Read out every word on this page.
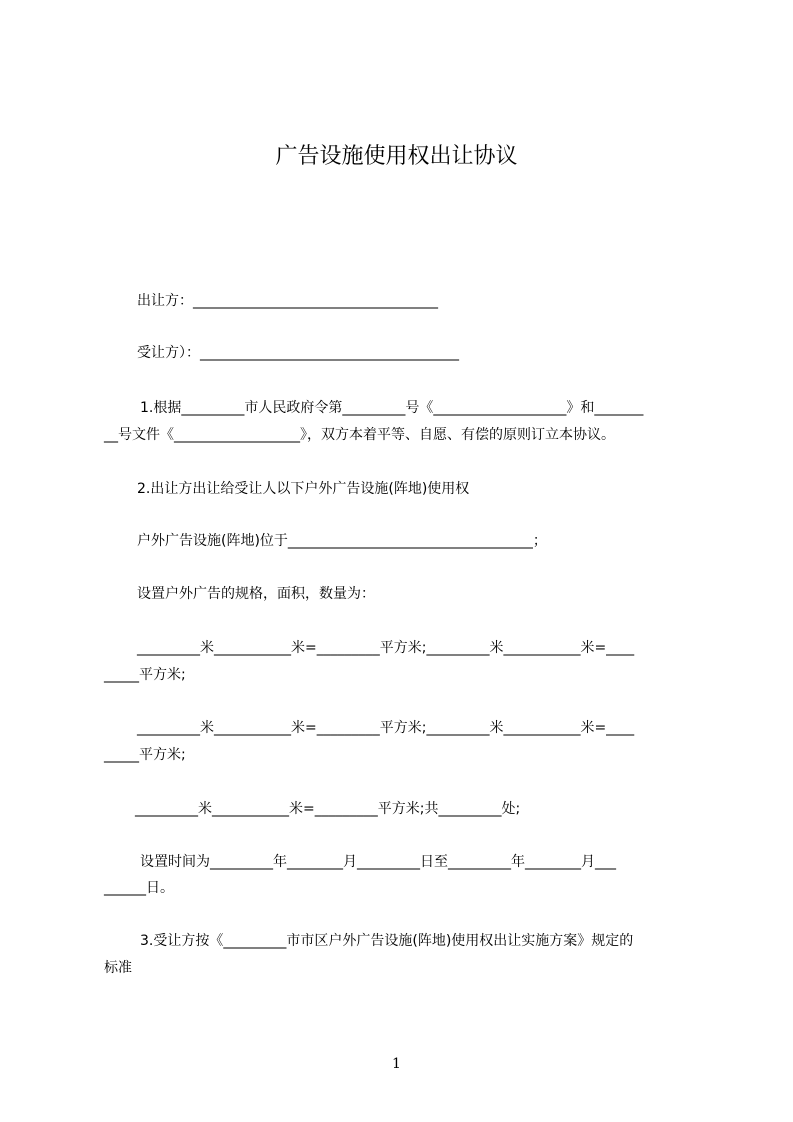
广告设施使用权出让协议
出让方：___________________________________
受让方）：_____________________________________
1.根据_________市人民政府令第_________号《___________________》和_______
__号文件《__________________》，双方本着平等、自愿、有偿的原则订立本协议。
2.出让方出让给受让人以下户外广告设施(阵地)使用权
户外广告设施(阵地)位于___________________________________；
设置户外广告的规格，面积，数量为：
_________米___________米=_________平方米;_________米___________米=____
_____平方米;
_________米___________米=_________平方米;_________米___________米=____
_____平方米;
_________米___________米=_________平方米;共_________处;
设置时间为_________年________月_________日至_________年________月___
______日。
3.受让方按《_________市市区户外广告设施(阵地)使用权出让实施方案》规定的
标准
1
